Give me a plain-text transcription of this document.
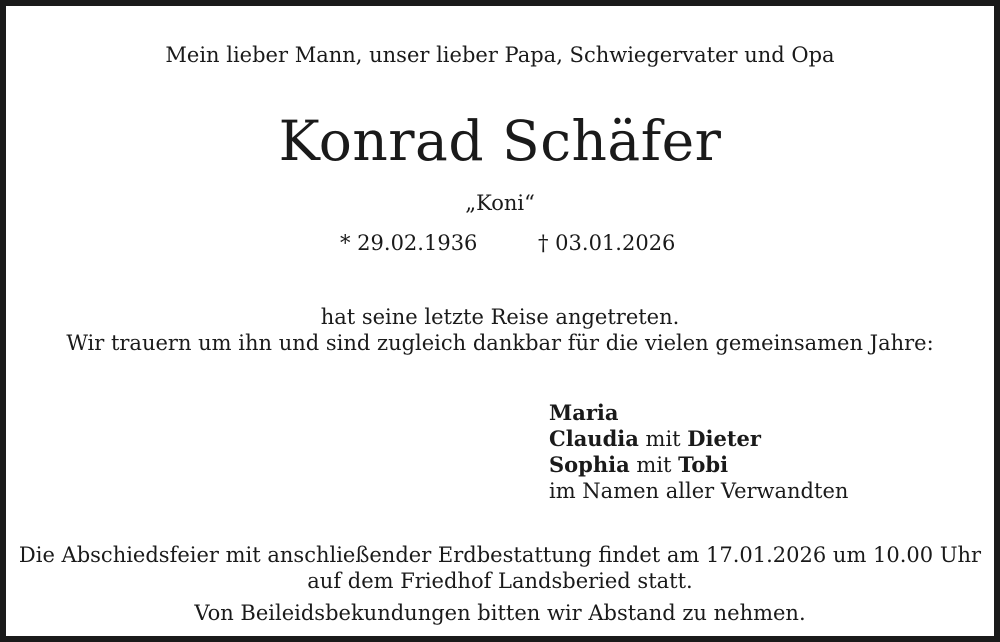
Mein lieber Mann, unser lieber Papa, Schwiegervater und Opa
Konrad Schäfer
„Koni“
* 29.02.1936	† 03.01.2026
hat seine letzte Reise angetreten.
Wir trauern um ihn und sind zugleich dankbar für die vielen gemeinsamen Jahre:
Maria
Claudia mit Dieter
Sophia mit Tobi
im Namen aller Verwandten
Die Abschiedsfeier mit anschließender Erdbestattung findet am 17.01.2026 um 10.00 Uhr
auf dem Friedhof Landsberied statt.
Von Beileidsbekundungen bitten wir Abstand zu nehmen.
